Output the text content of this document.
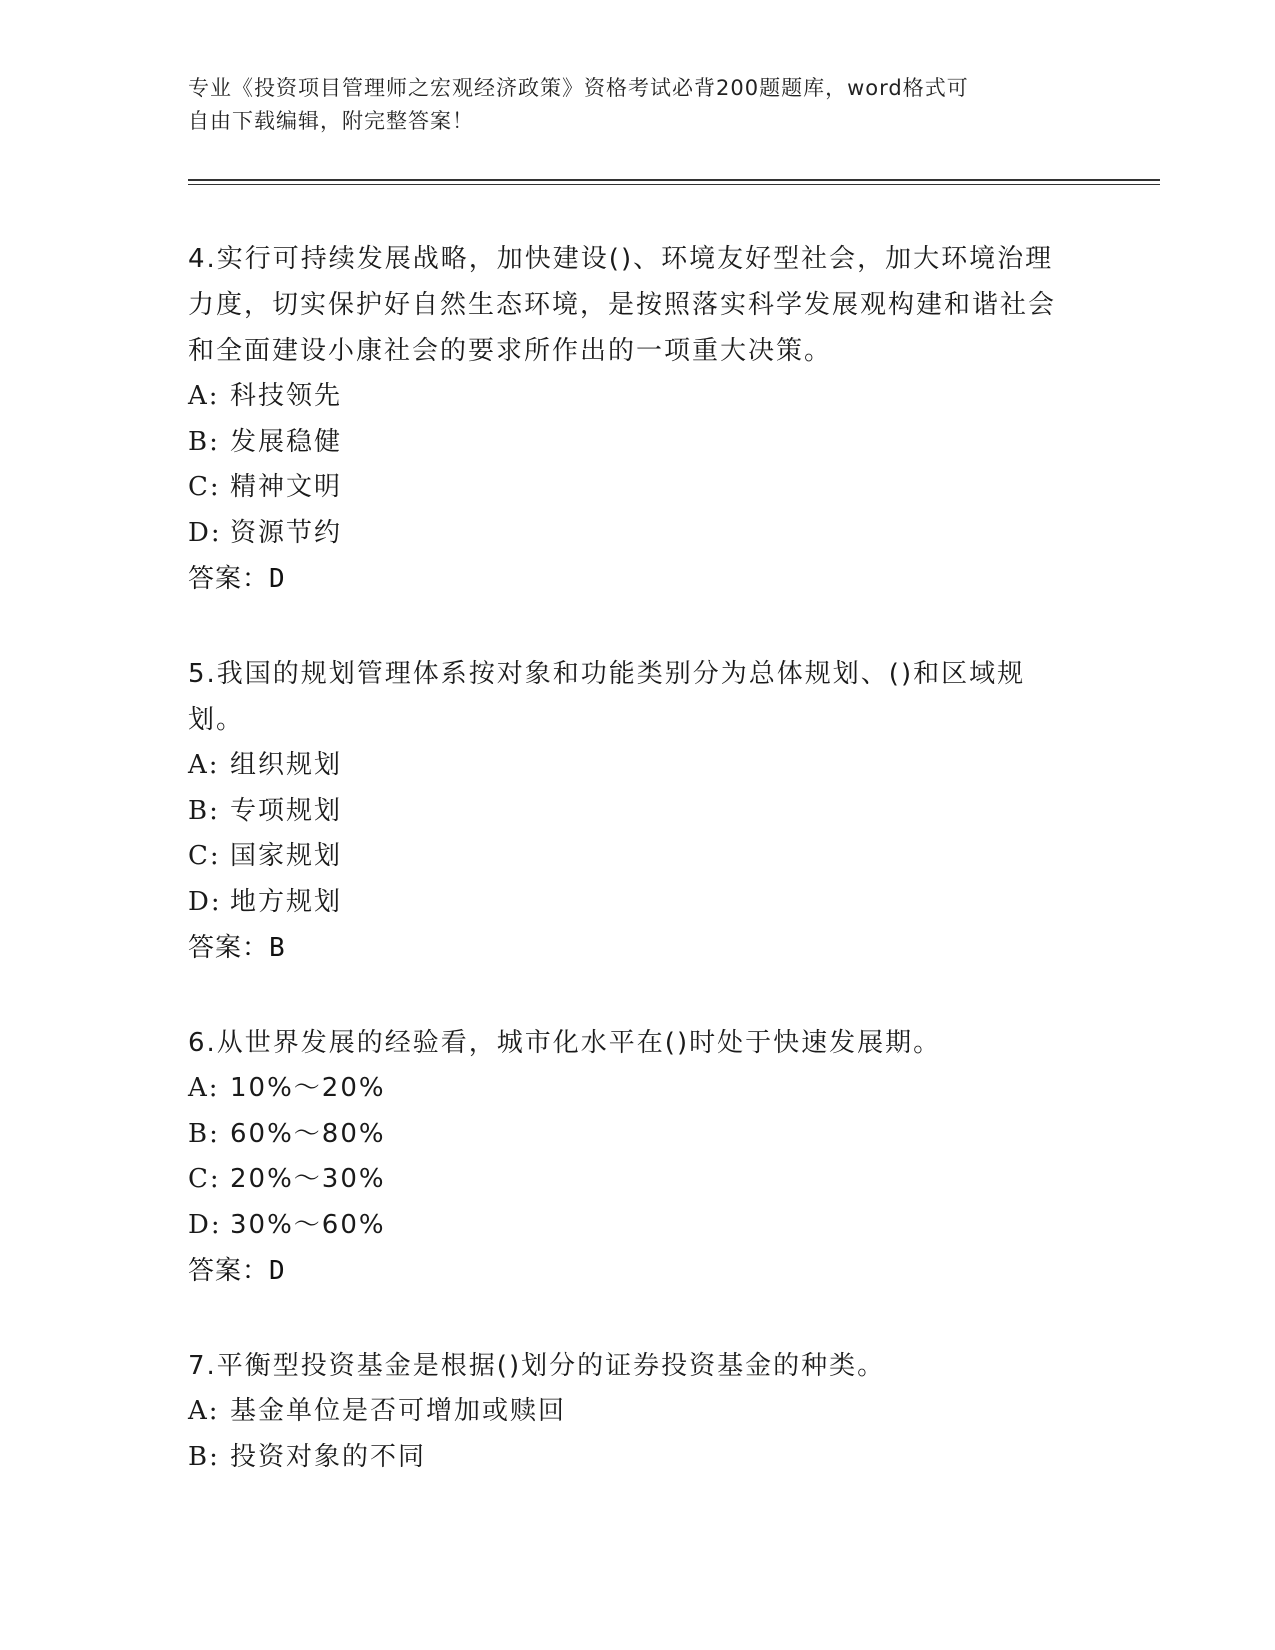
专业《投资项目管理师之宏观经济政策》资格考试必背200题题库，word格式可
自由下载编辑，附完整答案！
4.实行可持续发展战略，加快建设()、环境友好型社会，加大环境治理力度，切实保护好自然生态环境，是按照落实科学发展观构建和谐社会和全面建设小康社会的要求所作出的一项重大决策。
A: 科技领先
B: 发展稳健
C: 精神文明
D: 资源节约
答案：D
5.我国的规划管理体系按对象和功能类别分为总体规划、()和区域规划。
A: 组织规划
B: 专项规划
C: 国家规划
D: 地方规划
答案：B
6.从世界发展的经验看，城市化水平在()时处于快速发展期。
A: 10%～20%
B: 60%～80%
C: 20%～30%
D: 30%～60%
答案：D
7.平衡型投资基金是根据()划分的证券投资基金的种类。
A: 基金单位是否可增加或赎回
B: 投资对象的不同
